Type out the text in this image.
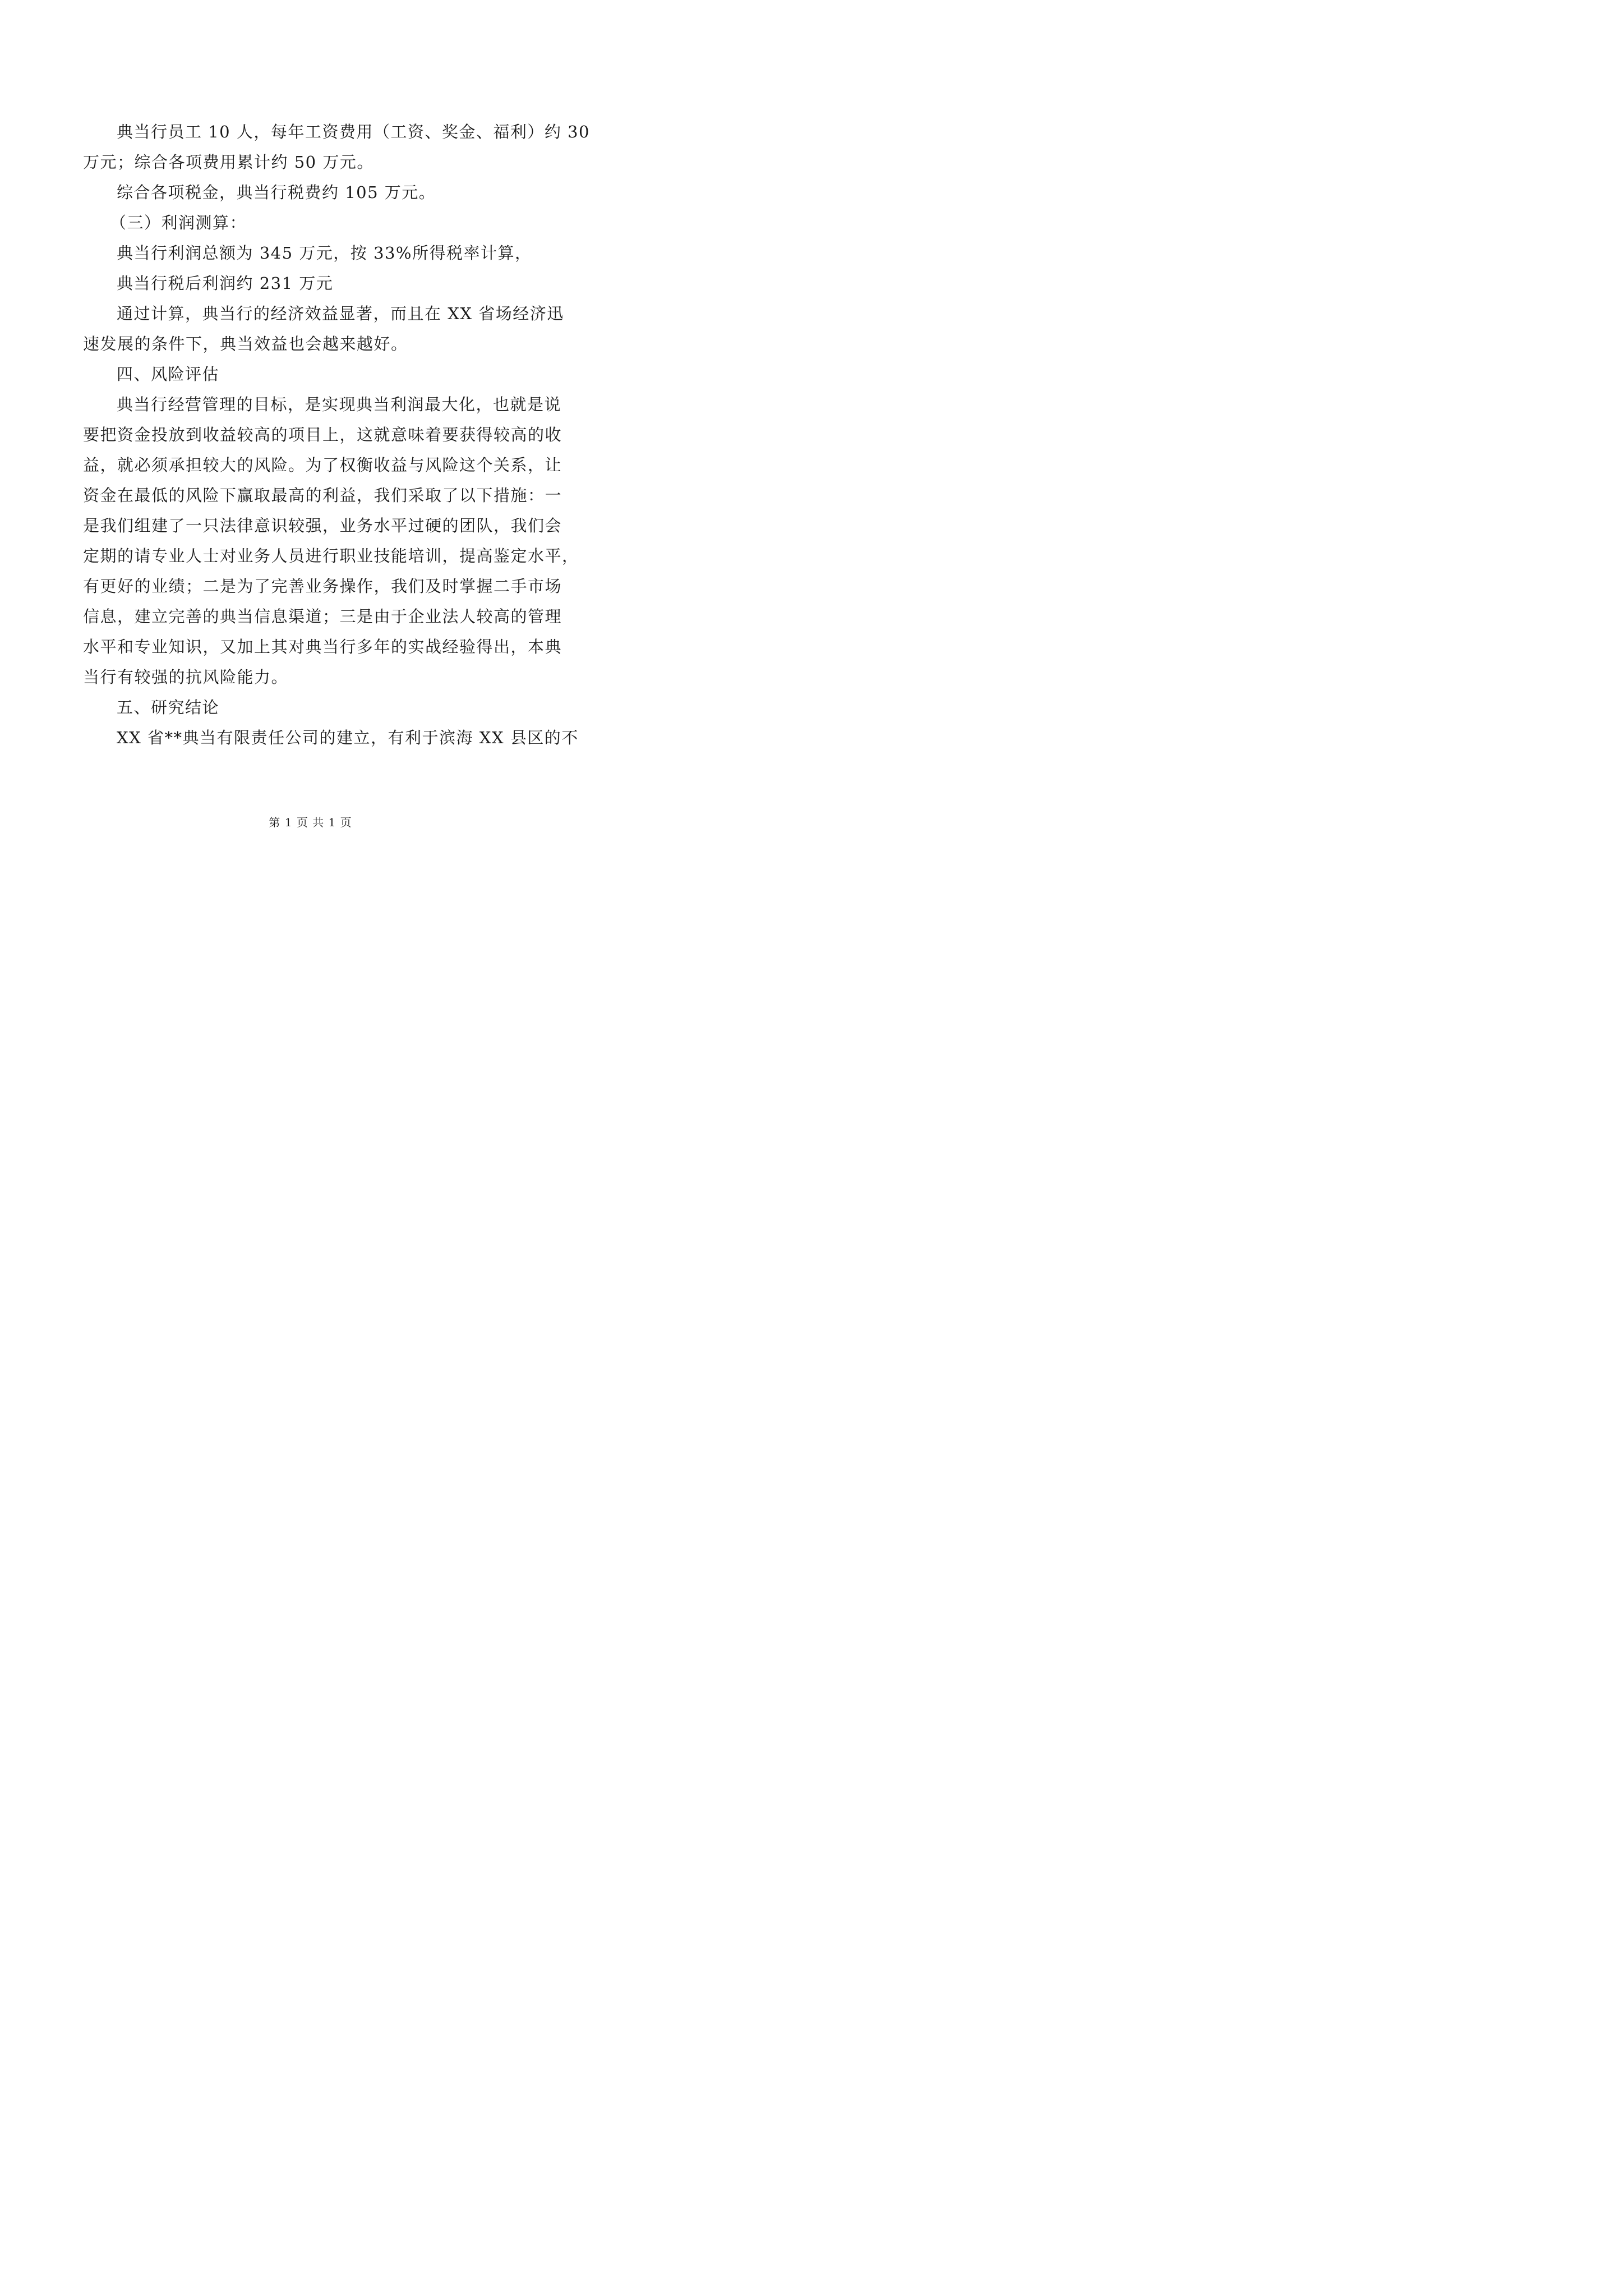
典当行员工 10 人，每年工资费用（工资、奖金、福利）约 30
万元；综合各项费用累计约 50 万元。
综合各项税金，典当行税费约 105 万元。
（三）利润测算：
典当行利润总额为 345 万元，按 33%所得税率计算，
典当行税后利润约 231 万元
通过计算，典当行的经济效益显著，而且在 XX 省场经济迅
速发展的条件下，典当效益也会越来越好。
四、风险评估
典当行经营管理的目标，是实现典当利润最大化，也就是说
要把资金投放到收益较高的项目上，这就意味着要获得较高的收
益，就必须承担较大的风险。为了权衡收益与风险这个关系，让
资金在最低的风险下赢取最高的利益，我们采取了以下措施：一
是我们组建了一只法律意识较强，业务水平过硬的团队，我们会
定期的请专业人士对业务人员进行职业技能培训，提高鉴定水平，
有更好的业绩；二是为了完善业务操作，我们及时掌握二手市场
信息，建立完善的典当信息渠道；三是由于企业法人较高的管理
水平和专业知识，又加上其对典当行多年的实战经验得出，本典
当行有较强的抗风险能力。
五、研究结论
XX 省**典当有限责任公司的建立，有利于滨海 XX 县区的不
第 1 页 共 1 页
